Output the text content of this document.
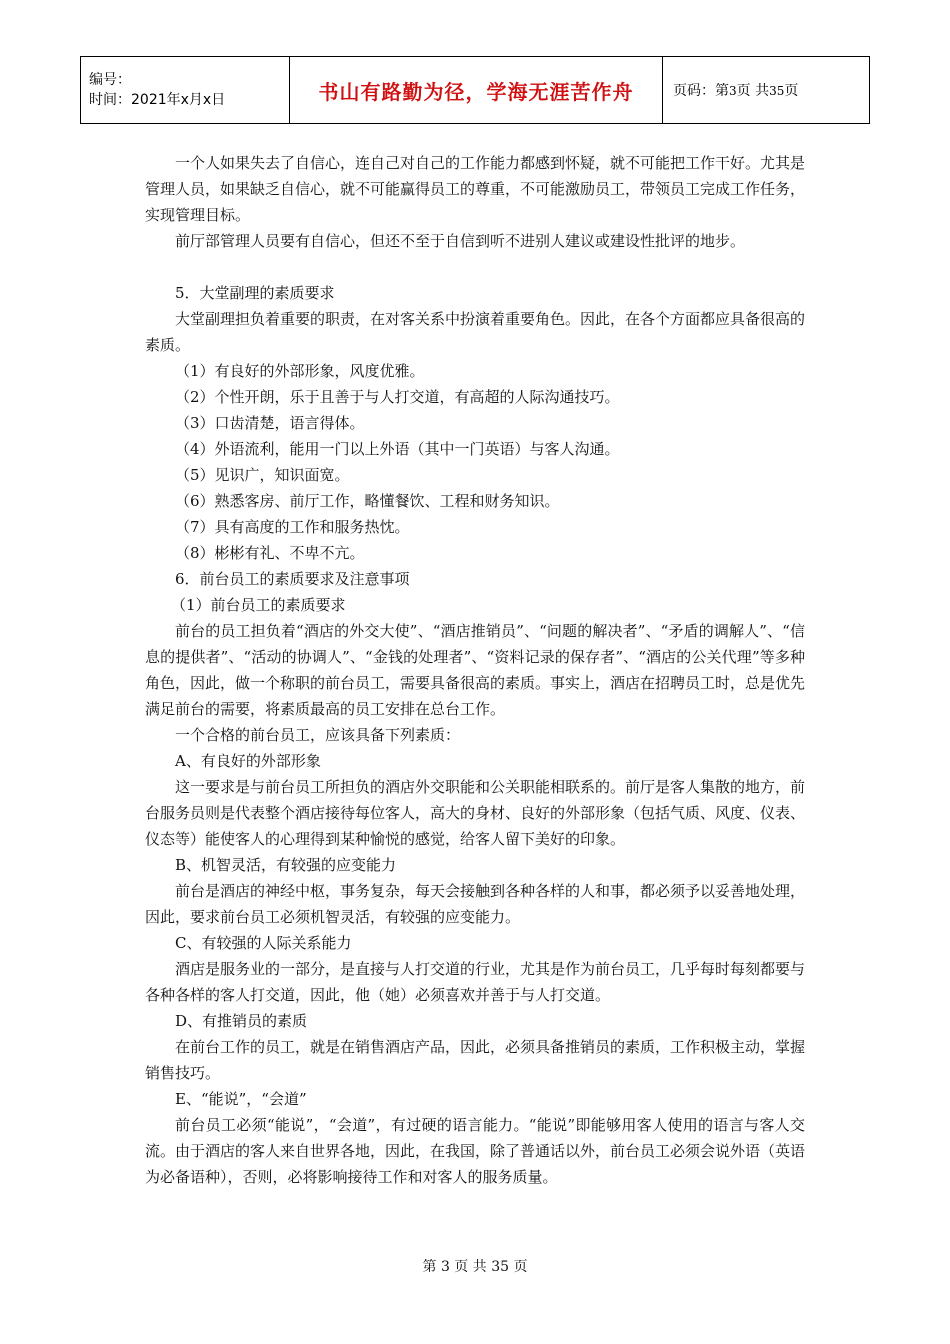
编号：
时间：2021年x月x日	书山有路勤为径，学海无涯苦作舟	页码：第3页 共35页

一个人如果失去了自信心，连自己对自己的工作能力都感到怀疑，就不可能把工作干好。尤其是管理人员，如果缺乏自信心，就不可能赢得员工的尊重，不可能激励员工，带领员工完成工作任务，实现管理目标。

前厅部管理人员要有自信心，但还不至于自信到听不进别人建议或建设性批评的地步。

5．大堂副理的素质要求

大堂副理担负着重要的职责，在对客关系中扮演着重要角色。因此，在各个方面都应具备很高的素质。

（1）有良好的外部形象，风度优雅。

（2）个性开朗，乐于且善于与人打交道，有高超的人际沟通技巧。

（3）口齿清楚，语言得体。

（4）外语流利，能用一门以上外语（其中一门英语）与客人沟通。

（5）见识广，知识面宽。

（6）熟悉客房、前厅工作，略懂餐饮、工程和财务知识。

（7）具有高度的工作和服务热忱。

（8）彬彬有礼、不卑不亢。

6．前台员工的素质要求及注意事项

（1）前台员工的素质要求

前台的员工担负着“酒店的外交大使”、“酒店推销员”、“问题的解决者”、“矛盾的调解人”、“信息的提供者”、“活动的协调人”、“金钱的处理者”、“资料记录的保存者”、“酒店的公关代理”等多种角色，因此，做一个称职的前台员工，需要具备很高的素质。事实上，酒店在招聘员工时，总是优先满足前台的需要，将素质最高的员工安排在总台工作。

一个合格的前台员工，应该具备下列素质：

A、有良好的外部形象

这一要求是与前台员工所担负的酒店外交职能和公关职能相联系的。前厅是客人集散的地方，前台服务员则是代表整个酒店接待每位客人，高大的身材、良好的外部形象（包括气质、风度、仪表、仪态等）能使客人的心理得到某种愉悦的感觉，给客人留下美好的印象。

B、机智灵活，有较强的应变能力

前台是酒店的神经中枢，事务复杂，每天会接触到各种各样的人和事，都必须予以妥善地处理，因此，要求前台员工必须机智灵活，有较强的应变能力。

C、有较强的人际关系能力

酒店是服务业的一部分，是直接与人打交道的行业，尤其是作为前台员工，几乎每时每刻都要与各种各样的客人打交道，因此，他（她）必须喜欢并善于与人打交道。

D、有推销员的素质

在前台工作的员工，就是在销售酒店产品，因此，必须具备推销员的素质，工作积极主动，掌握销售技巧。

E、“能说”，“会道”

前台员工必须“能说”，“会道”，有过硬的语言能力。“能说”即能够用客人使用的语言与客人交流。由于酒店的客人来自世界各地，因此，在我国，除了普通话以外，前台员工必须会说外语（英语为必备语种），否则，必将影响接待工作和对客人的服务质量。

第 3 页 共 35 页
